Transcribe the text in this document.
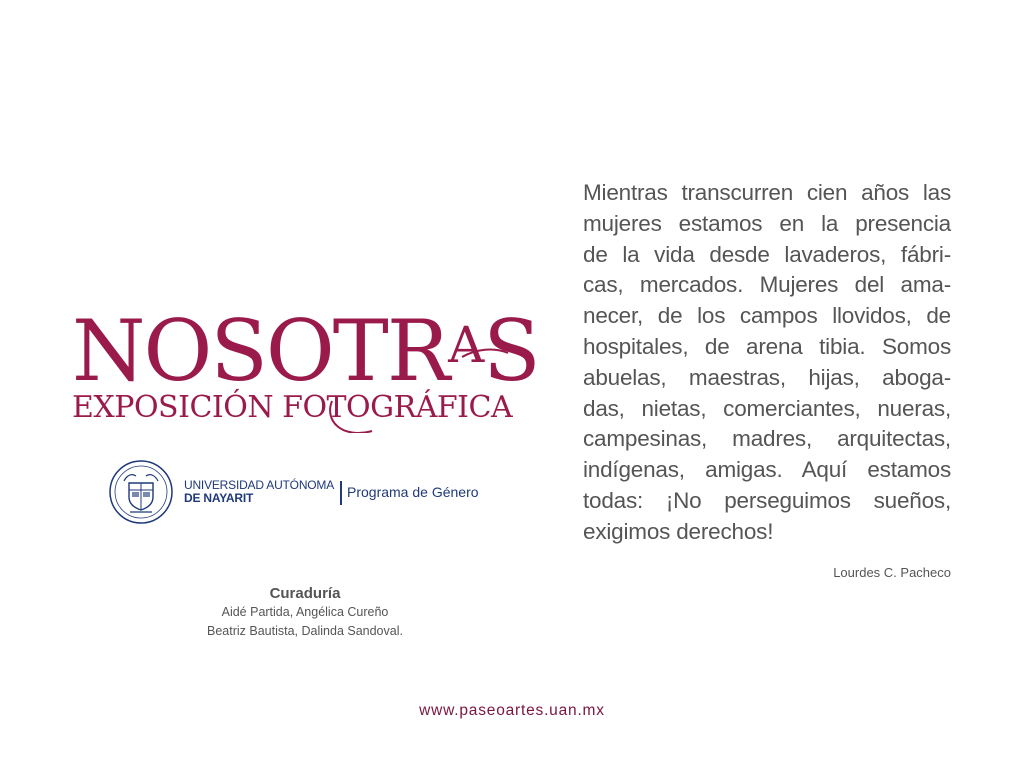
$NOSOTR^AS$
EXPOSICIÓN FOTOGRÁFICA
UNIVERSIDAD AUTÓNOMA
DE NAYARIT	Programa de Género
Curaduría
Aidé Partida, Angélica Cureño
Beatriz Bautista, Dalinda Sandoval.
Mientras transcurren cien años las
mujeres estamos en la presencia
de la vida desde lavaderos, fábri-
cas, mercados. Mujeres del ama-
necer, de los campos llovidos, de
hospitales, de arena tibia. Somos
abuelas, maestras, hijas, aboga-
das, nietas, comerciantes, nueras,
campesinas, madres, arquitectas,
indígenas, amigas. Aquí estamos
todas: ¡No perseguimos sueños,
exigimos derechos!
Lourdes C. Pacheco
www.paseoartes.uan.mx
